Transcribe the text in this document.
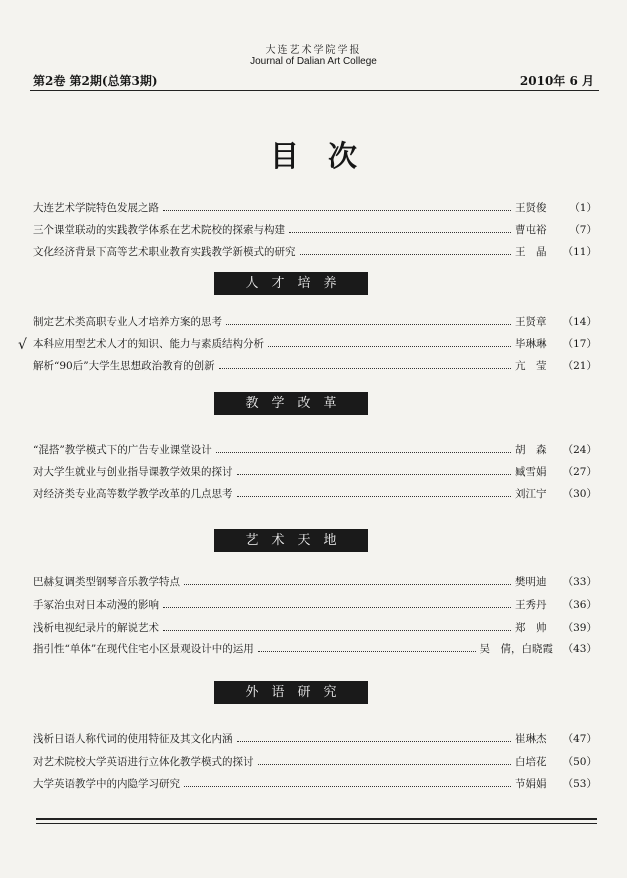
大连艺术学院学报
Journal of Dalian Art College
第2卷 第2期(总第3期)	2010年 6 月
目　次
大连艺术学院特色发展之路	王贤俊	（1）
三个课堂联动的实践教学体系在艺术院校的探索与构建	曹屯裕	（7）
文化经济背景下高等艺术职业教育实践教学新模式的研究	王　晶	（11）
人　才　培　养
制定艺术类高职专业人才培养方案的思考	王贤章	（14）
√ 本科应用型艺术人才的知识、能力与素质结构分析	毕琳琳	（17）
解析“90后”大学生思想政治教育的创新	亢　莹	（21）
教　学　改　革
“混搭”教学模式下的广告专业课堂设计	胡　森	（24）
对大学生就业与创业指导课教学效果的探讨	臧雪娟	（27）
对经济类专业高等数学教学改革的几点思考	刘江宁	（30）
艺　术　天　地
巴赫复调类型钢琴音乐教学特点	樊明迪	（33）
手冢治虫对日本动漫的影响	王秀丹	（36）
浅析电视纪录片的解说艺术	郑　帅	（39）
指引性“单体”在现代住宅小区景观设计中的运用	吴　倩，白晓霞 （43）
外　语　研　究
浅析日语人称代词的使用特征及其文化内涵	崔琳杰	（47）
对艺术院校大学英语进行立体化教学模式的探讨	白培花	（50）
大学英语教学中的内隐学习研究	节娟娟	（53）
